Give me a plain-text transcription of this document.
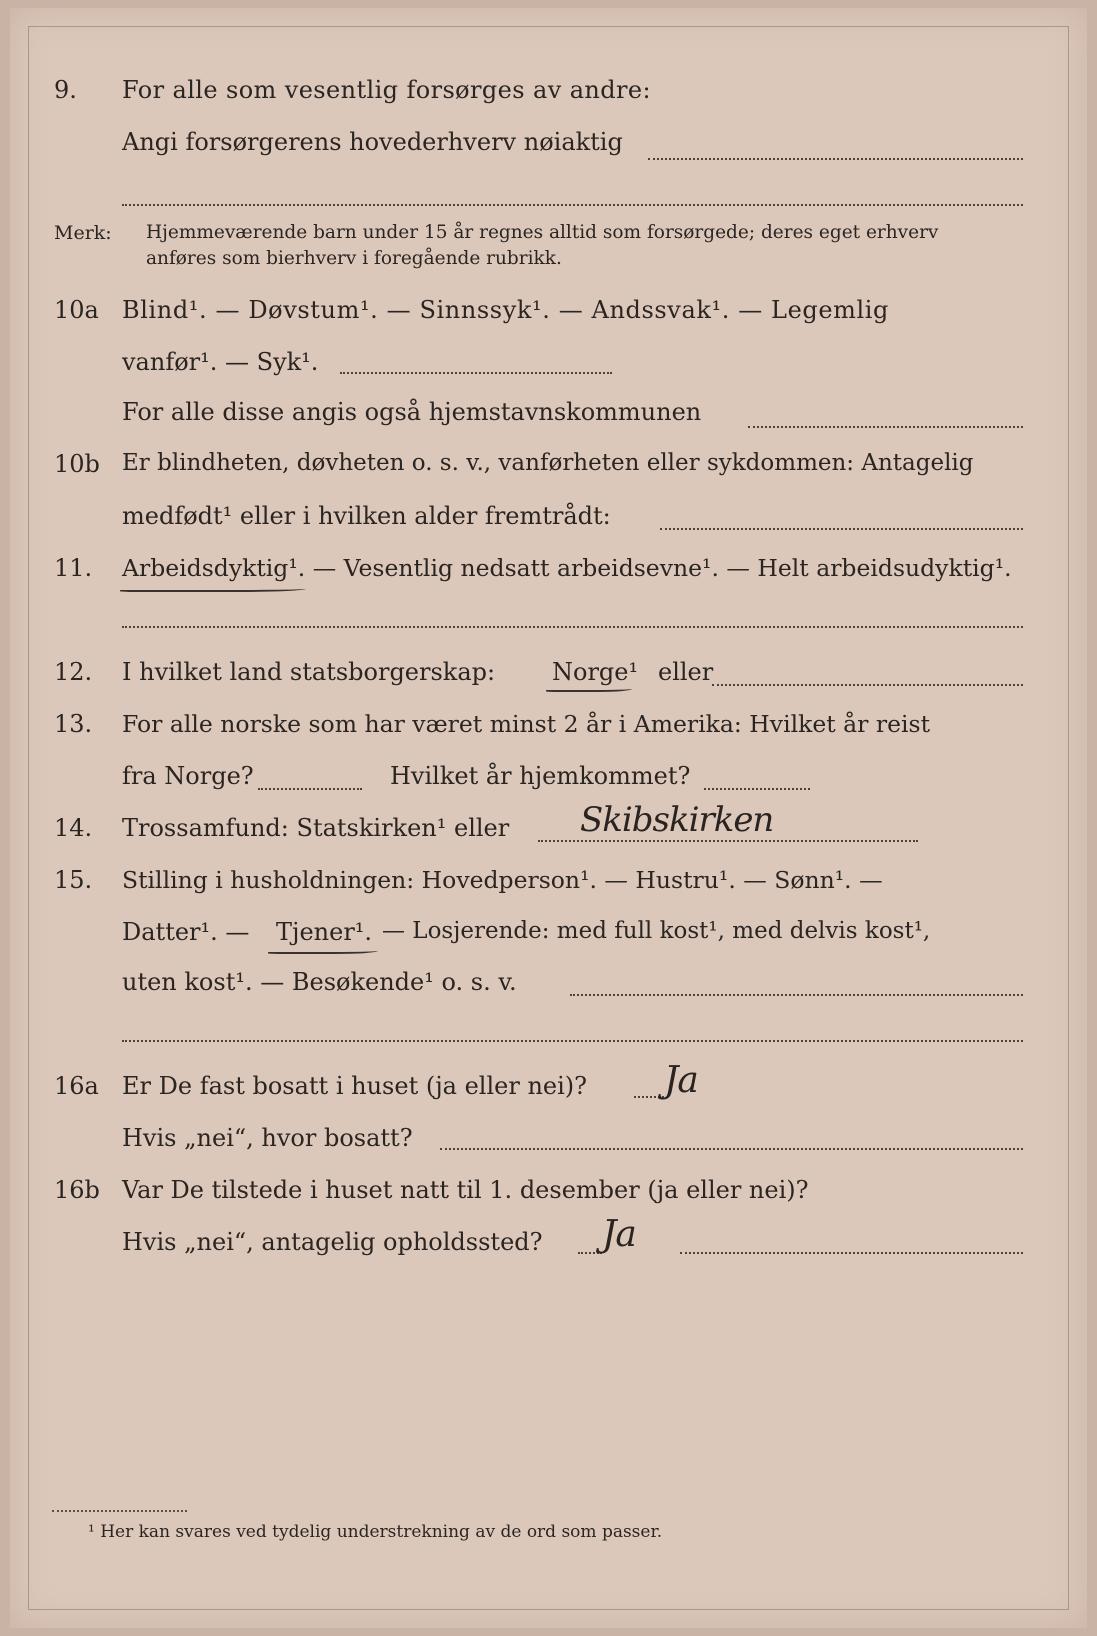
9. For alle som vesentlig forsørges av andre:
Angi forsørgerens hovederhverv nøiaktig
Merk: Hjemmeværende barn under 15 år regnes alltid som forsørgede; deres eget erhverv
anføres som bierhverv i foregående rubrikk.
10a Blind¹. — Døvstum¹. — Sinnssyk¹. — Andssvak¹. — Legemlig
vanfør¹. — Syk¹.
For alle disse angis også hjemstavnskommunen
10b Er blindheten, døvheten o. s. v., vanførheten eller sykdommen: Antagelig
medfødt¹ eller i hvilken alder fremtrådt:
11. Arbeidsdyktig¹. — Vesentlig nedsatt arbeidsevne¹. — Helt arbeidsudyktig¹.
12. I hvilket land statsborgerskap: Norge¹ eller
13. For alle norske som har været minst 2 år i Amerika: Hvilket år reist
fra Norge?	Hvilket år hjemkommet?
14. Trossamfund: Statskirken¹ eller Skibskirken
15. Stilling i husholdningen: Hovedperson¹. — Hustru¹. — Sønn¹. —
Datter¹. — Tjener¹. — Losjerende: med full kost¹, med delvis kost¹,
uten kost¹. — Besøkende¹ o. s. v.
16a Er De fast bosatt i huset (ja eller nei)? Ja
Hvis „nei“, hvor bosatt?
16b Var De tilstede i huset natt til 1. desember (ja eller nei)?
Hvis „nei“, antagelig opholdssted? Ja
¹ Her kan svares ved tydelig understrekning av de ord som passer.
